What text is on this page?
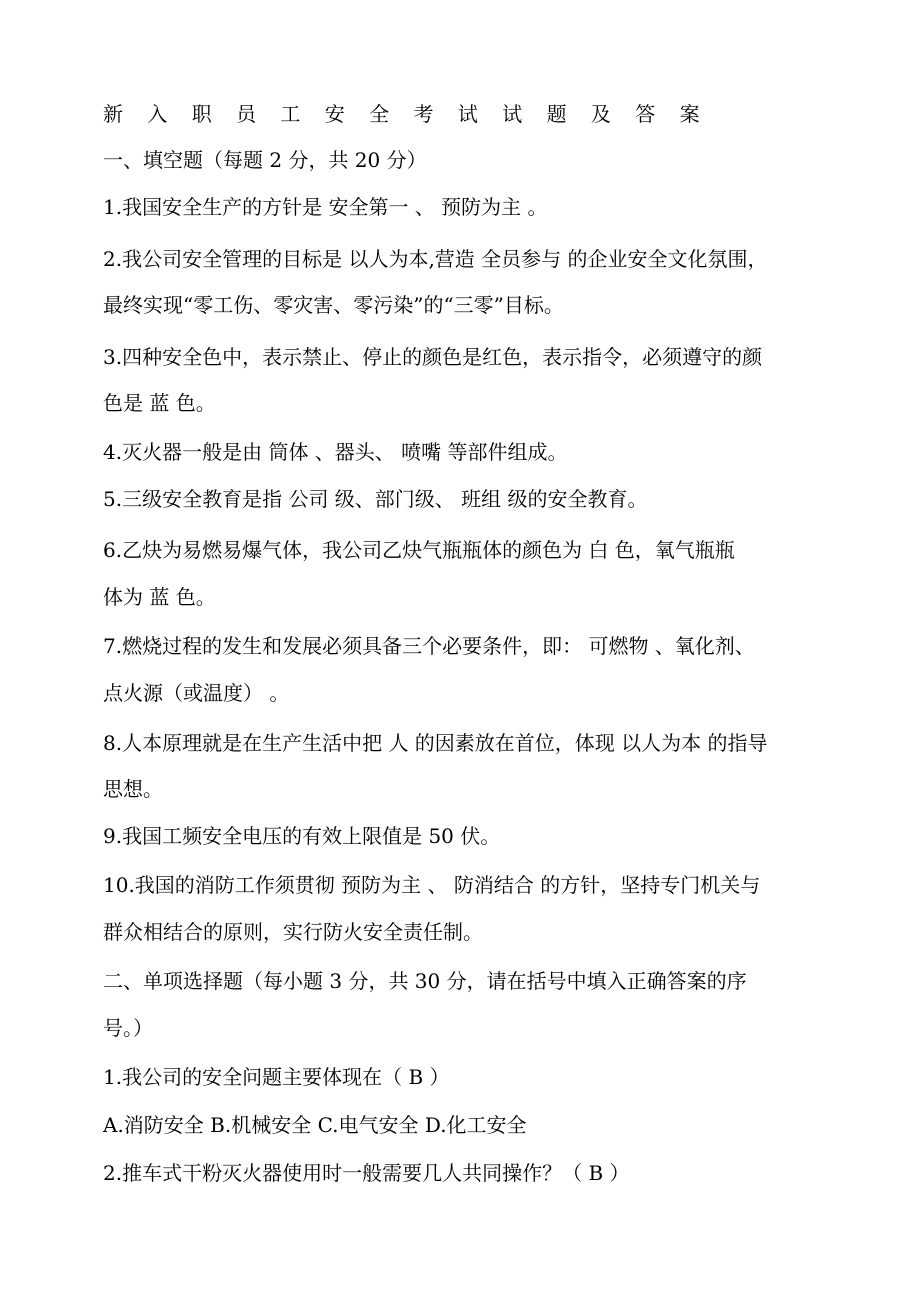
新 入 职 员 工 安 全 考 试 试 题 及 答 案
一、填空题（每题 2 分，共 20 分）
1.我国安全生产的方针是 安全第一 、 预防为主 。
2.我公司安全管理的目标是 以人为本,营造 全员参与 的企业安全文化氛围，
最终实现“零工伤、零灾害、零污染”的“三零”目标。
3.四种安全色中，表示禁止、停止的颜色是红色，表示指令，必须遵守的颜
色是 蓝 色。
4.灭火器一般是由 筒体 、器头、 喷嘴 等部件组成。
5.三级安全教育是指 公司 级、部门级、 班组 级的安全教育。
6.乙炔为易燃易爆气体，我公司乙炔气瓶瓶体的颜色为 白 色，氧气瓶瓶
体为 蓝 色。
7.燃烧过程的发生和发展必须具备三个必要条件，即： 可燃物 、氧化剂、
点火源（或温度） 。
8.人本原理就是在生产生活中把 人 的因素放在首位，体现 以人为本 的指导
思想。
9.我国工频安全电压的有效上限值是 50 伏。
10.我国的消防工作须贯彻 预防为主 、 防消结合 的方针，坚持专门机关与
群众相结合的原则，实行防火安全责任制。
二、单项选择题（每小题 3 分，共 30 分，请在括号中填入正确答案的序
号。）
1.我公司的安全问题主要体现在（ B ）
A.消防安全 B.机械安全 C.电气安全 D.化工安全
2.推车式干粉灭火器使用时一般需要几人共同操作？（ B ）
